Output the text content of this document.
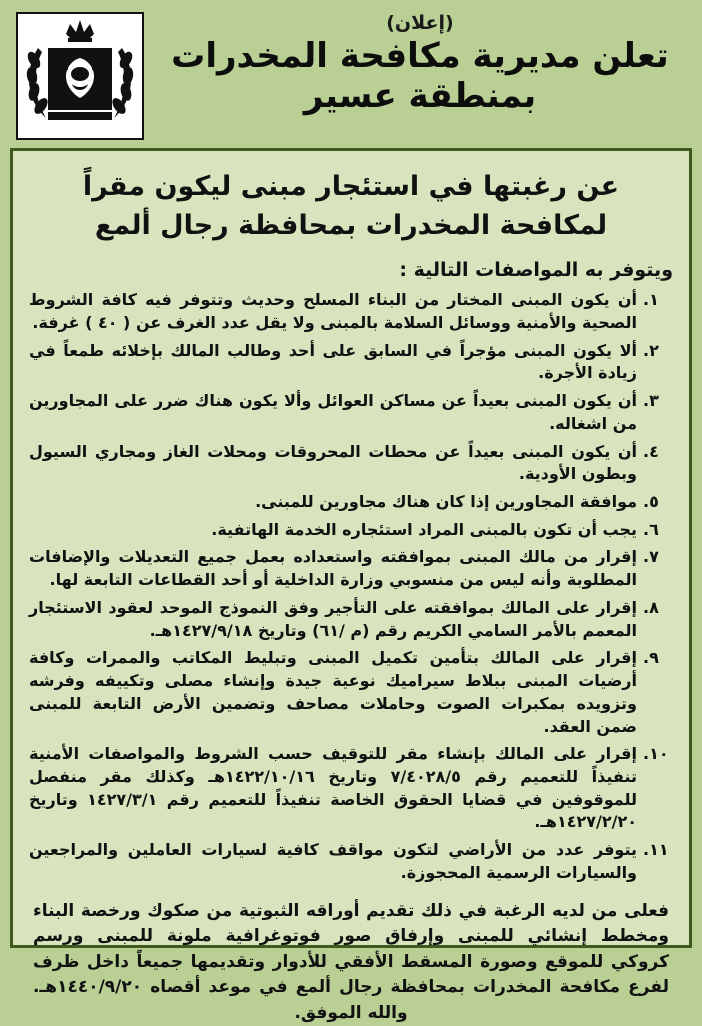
(إعلان)
تعلن مديرية مكافحة المخدرات
بمنطقة عسير
عن رغبتها في استئجار مبنى ليكون مقراً
لمكافحة المخدرات بمحافظة رجال ألمع
ويتوفر به المواصفات التالية :
١.
أن يكون المبنى المختار من البناء المسلح وحديث وتتوفر فيه كافة الشروط الصحية والأمنية ووسائل السلامة بالمبنى ولا يقل عدد الغرف عن ( ٤٠ ) غرفة.
٢.
ألا يكون المبنى مؤجراً في السابق على أحد وطالب المالك بإخلائه طمعاً في زيادة الأجرة.
٣.
أن يكون المبنى بعيداً عن مساكن العوائل وألا يكون هناك ضرر على المجاورين من اشغاله.
٤.
أن يكون المبنى بعيداً عن محطات المحروقات ومحلات الغاز ومجاري السيول وبطون الأودية.
٥.
موافقة المجاورين إذا كان هناك مجاورين للمبنى.
٦.
يجب أن تكون بالمبنى المراد استئجاره الخدمة الهاتفية.
٧.
إقرار من مالك المبنى بموافقته واستعداده بعمل جميع التعديلات والإضافات المطلوبة وأنه ليس من منسوبي وزارة الداخلية أو أحد القطاعات التابعة لها.
٨.
إقرار على المالك بموافقته على التأجير وفق النموذج الموحد لعقود الاستئجار المعمم بالأمر السامي الكريم رقم (م /٦١) وتاريخ ١٤٢٧/٩/١٨هـ.
٩.
إقرار على المالك بتأمين تكميل المبنى وتبليط المكاتب والممرات وكافة أرضيات المبنى ببلاط سيراميك نوعية جيدة وإنشاء مصلى وتكييفه وفرشه وتزويده بمكبرات الصوت وحاملات مصاحف وتضمين الأرض التابعة للمبنى ضمن العقد.
١٠.
إقرار على المالك بإنشاء مقر للتوقيف حسب الشروط والمواصفات الأمنية تنفيذاً للتعميم رقم ٧/٤٠٢٨/٥ وتاريخ ١٤٢٢/١٠/١٦هـ وكذلك مقر منفصل للموقوفين في قضايا الحقوق الخاصة تنفيذاً للتعميم رقم ١٤٢٧/٣/١ وتاريخ ١٤٢٧/٢/٢٠هـ.
١١.
يتوفر عدد من الأراضي لتكون مواقف كافية لسيارات العاملين والمراجعين والسيارات الرسمية المحجوزة.
فعلى من لديه الرغبة في ذلك تقديم أوراقه الثبوتية من صكوك ورخصة البناء ومخطط إنشائي للمبنى وإرفاق صور فوتوغرافية ملونة للمبنى ورسم كروكي للموقع وصورة المسقط الأفقي للأدوار وتقديمها جميعاً داخل ظرف لفرع مكافحة المخدرات بمحافظة رجال ألمع في موعد أقصاه ١٤٤٠/٩/٢٠هـ. والله الموفق.
